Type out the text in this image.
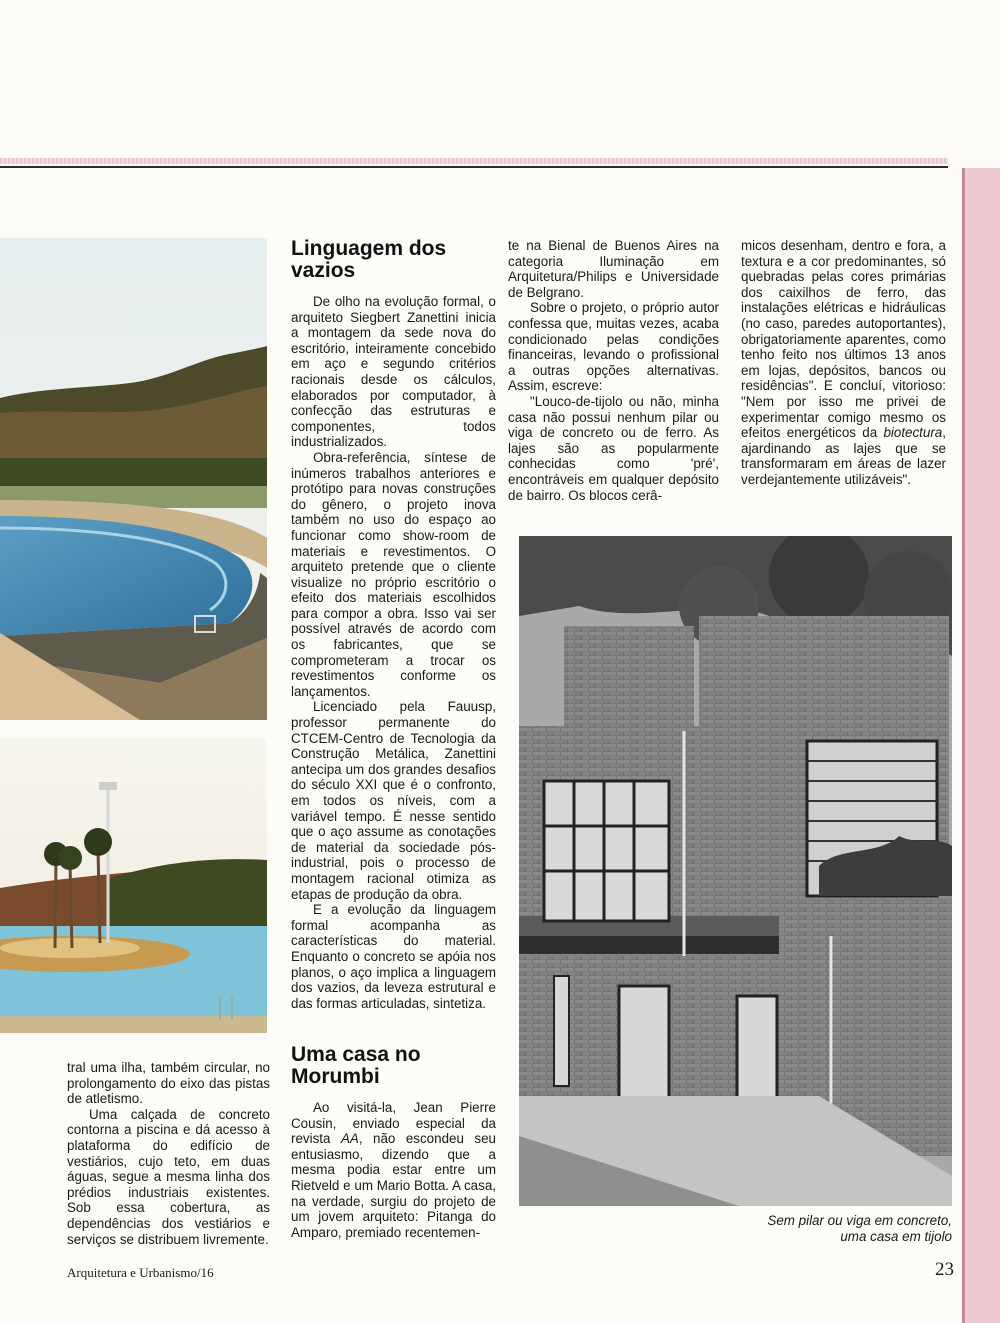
Linguagem dos vazios

De olho na evolução formal, o arquiteto Siegbert Zanettini inicia a montagem da sede nova do escritório, inteiramente concebido em aço e segundo critérios racionais desde os cálculos, elaborados por computador, à confecção das estruturas e componentes, todos industrializados.

Obra-referência, síntese de inúmeros trabalhos anteriores e protótipo para novas construções do gênero, o projeto inova também no uso do espaço ao funcionar como show-room de materiais e revestimentos. O arquiteto pretende que o cliente visualize no próprio escritório o efeito dos materiais escolhidos para compor a obra. Isso vai ser possível através de acordo com os fabricantes, que se comprometeram a trocar os revestimentos conforme os lançamentos.

Licenciado pela Fauusp, professor permanente do CTCEM-Centro de Tecnologia da Construção Metálica, Zanettini antecipa um dos grandes desafios do século XXI que é o confronto, em todos os níveis, com a variável tempo. É nesse sentido que o aço assume as conotações de material da sociedade pós-industrial, pois o processo de montagem racional otimiza as etapas de produção da obra.

E a evolução da linguagem formal acompanha as características do material. Enquanto o concreto se apóia nos planos, o aço implica a linguagem dos vazios, da leveza estrutural e das formas articuladas, sintetiza.

Uma casa no Morumbi

Ao visitá-la, Jean Pierre Cousin, enviado especial da revista AA, não escondeu seu entusiasmo, dizendo que a mesma podia estar entre um Rietveld e um Mario Botta. A casa, na verdade, surgiu do projeto de um jovem arquiteto: Pitanga do Amparo, premiado recentemen-

te na Bienal de Buenos Aires na categoria Iluminação em Arquitetura/Philips e Universidade de Belgrano.

Sobre o projeto, o próprio autor confessa que, muitas vezes, acaba condicionado pelas condições financeiras, levando o profissional a outras opções alternativas. Assim, escreve:

"Louco-de-tijolo ou não, minha casa não possui nenhum pilar ou viga de concreto ou de ferro. As lajes são as popularmente conhecidas como 'pré', encontráveis em qualquer depósito de bairro. Os blocos cerâ-

micos desenham, dentro e fora, a textura e a cor predominantes, só quebradas pelas cores primárias dos caixilhos de ferro, das instalações elétricas e hidráulicas (no caso, paredes autoportantes), obrigatoriamente aparentes, como tenho feito nos últimos 13 anos em lojas, depósitos, bancos ou residências". E concluí, vitorioso: "Nem por isso me privei de experimentar comigo mesmo os efeitos energéticos da biotectura, ajardinando as lajes que se transformaram em áreas de lazer verdejantemente utilizáveis".

tral uma ilha, também circular, no prolongamento do eixo das pistas de atletismo.

Uma calçada de concreto contorna a piscina e dá acesso à plataforma do edifício de vestiários, cujo teto, em duas águas, segue a mesma linha dos prédios industriais existentes. Sob essa cobertura, as dependências dos vestiários e serviços se distribuem livremente.

Sem pilar ou viga em concreto,
uma casa em tijolo
Arquitetura e Urbanismo/16	23
